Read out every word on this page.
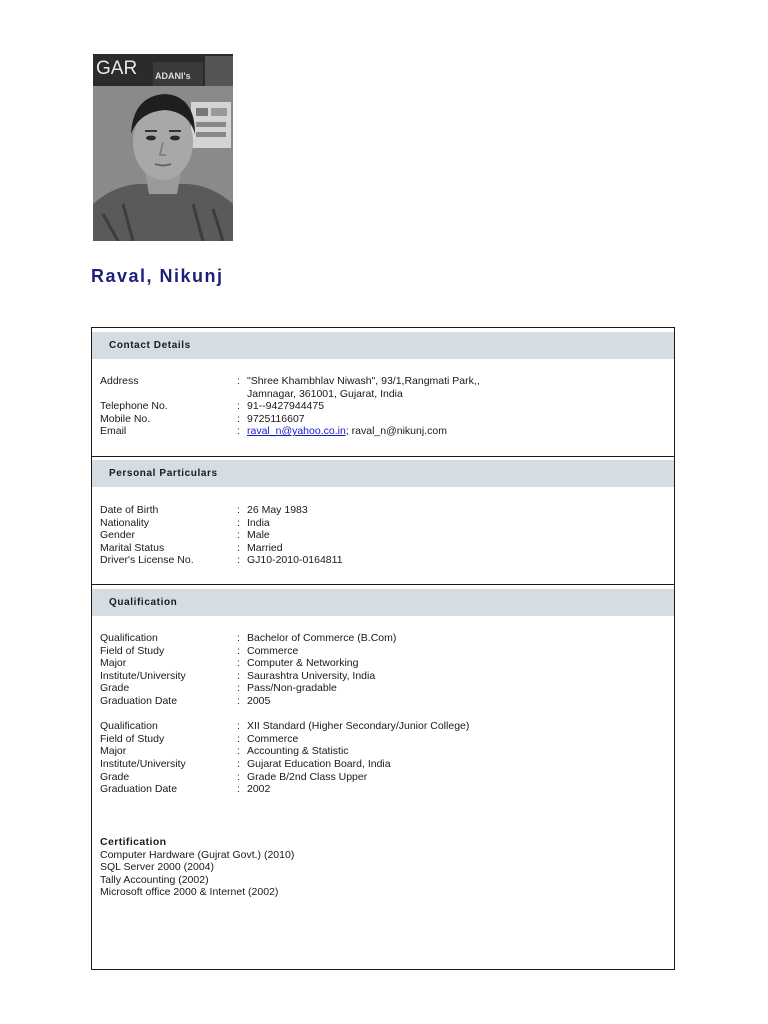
GAR ADANI's
Raval, Nikunj
Contact Details
Address	: "Shree Khambhlav Niwash", 93/1,Rangmati Park,,
Jamnagar, 361001, Gujarat, India
Telephone No.	: 91--9427944475
Mobile No.	: 9725116607
Email	: raval_n@yahoo.co.in; raval_n@nikunj.com
Personal Particulars
Date of Birth	: 26 May 1983
Nationality	: India
Gender	: Male
Marital Status	: Married
Driver's License No.	: GJ10-2010-0164811
Qualification
Qualification	: Bachelor of Commerce (B.Com)
Field of Study	: Commerce
Major	: Computer & Networking
Institute/University	: Saurashtra University, India
Grade	: Pass/Non-gradable
Graduation Date	: 2005
Qualification	: XII Standard (Higher Secondary/Junior College)
Field of Study	: Commerce
Major	: Accounting & Statistic
Institute/University	: Gujarat Education Board, India
Grade	: Grade B/2nd Class Upper
Graduation Date	: 2002
Certification
Computer Hardware (Gujrat Govt.) (2010)
SQL Server 2000 (2004)
Tally Accounting (2002)
Microsoft office 2000 & Internet (2002)
